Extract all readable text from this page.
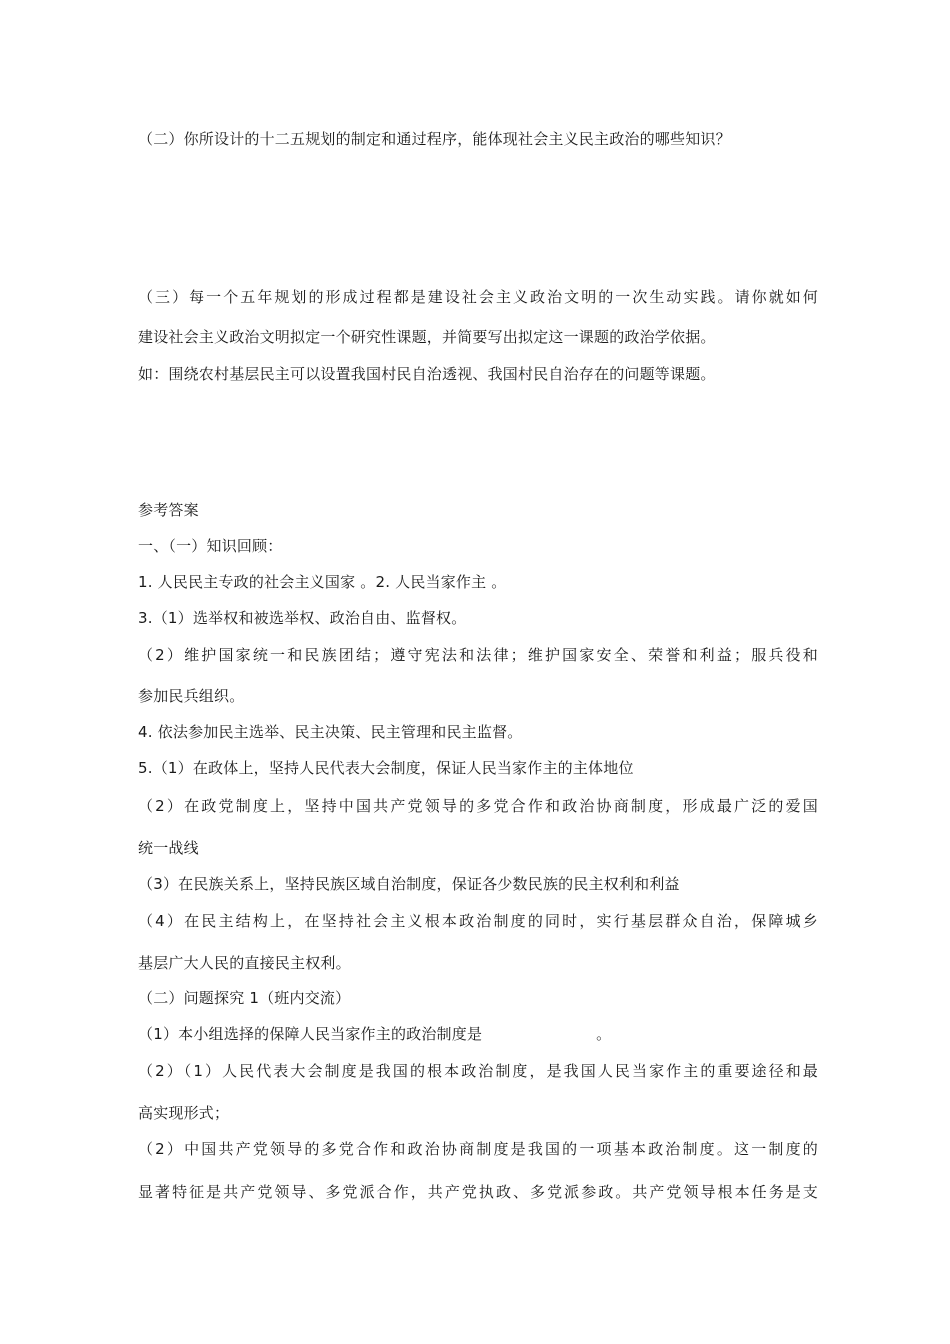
（二）你所设计的十二五规划的制定和通过程序，能体现社会主义民主政治的哪些知识？
（三）每一个五年规划的形成过程都是建设社会主义政治文明的一次生动实践。请你就如何
建设社会主义政治文明拟定一个研究性课题，并简要写出拟定这一课题的政治学依据。
如：围绕农村基层民主可以设置我国村民自治透视、我国村民自治存在的问题等课题。
参考答案
一、（一）知识回顾：
1. 人民民主专政的社会主义国家 。2. 人民当家作主 。
3.（1）选举权和被选举权、政治自由、监督权。
（2）维护国家统一和民族团结；遵守宪法和法律；维护国家安全、荣誉和利益；服兵役和
参加民兵组织。
4. 依法参加民主选举、民主决策、民主管理和民主监督。
5.（1）在政体上，坚持人民代表大会制度，保证人民当家作主的主体地位
（2）在政党制度上，坚持中国共产党领导的多党合作和政治协商制度，形成最广泛的爱国
统一战线
（3）在民族关系上，坚持民族区域自治制度，保证各少数民族的民主权利和利益
（4）在民主结构上，在坚持社会主义根本政治制度的同时，实行基层群众自治，保障城乡
基层广大人民的直接民主权利。
（二）问题探究 1（班内交流）
（1）本小组选择的保障人民当家作主的政治制度是	。
（2）（1）人民代表大会制度是我国的根本政治制度，是我国人民当家作主的重要途径和最
高实现形式；
（2）中国共产党领导的多党合作和政治协商制度是我国的一项基本政治制度。这一制度的
显著特征是共产党领导、多党派合作，共产党执政、多党派参政。共产党领导根本任务是支
